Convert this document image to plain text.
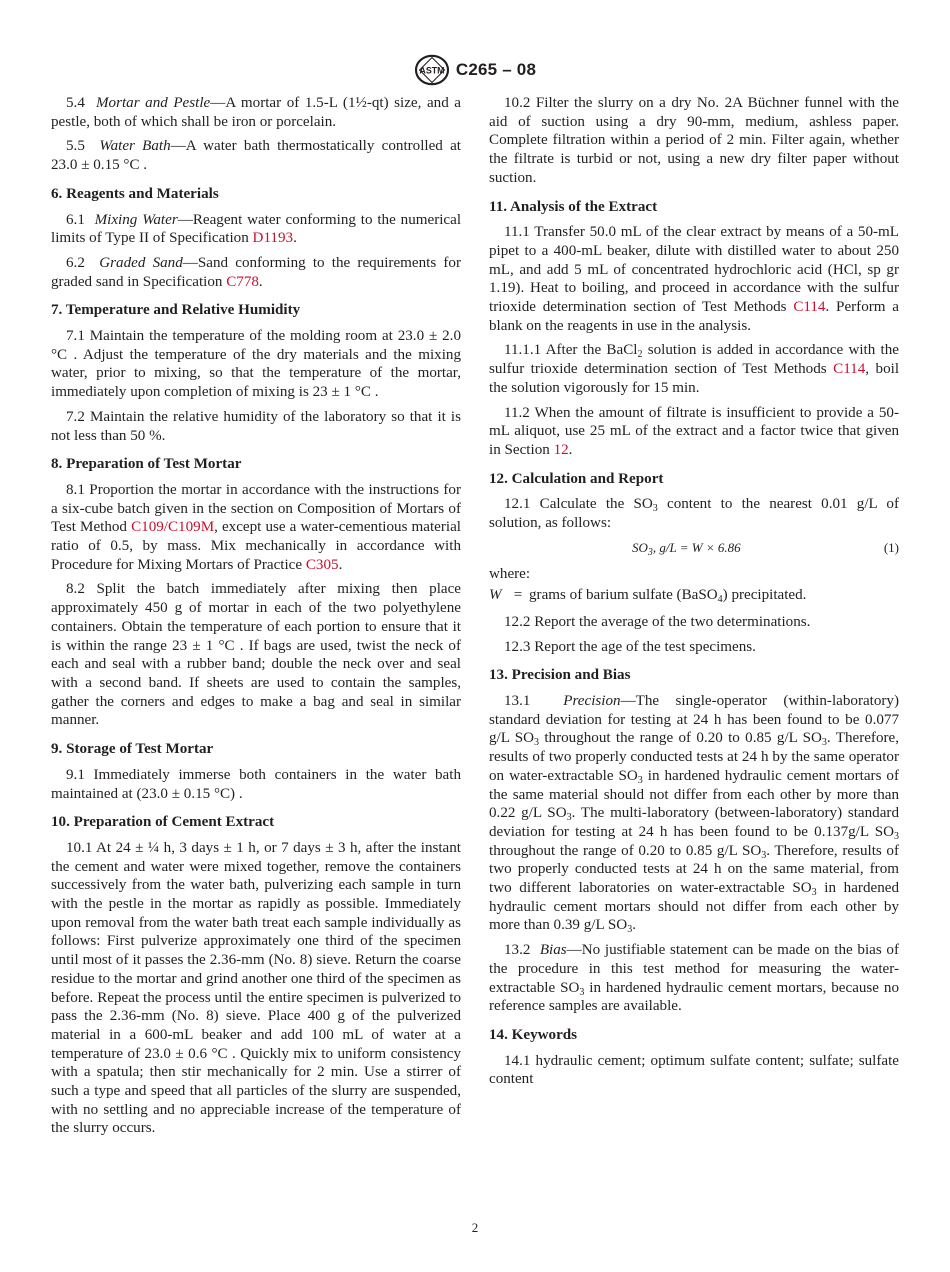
ASTM C265 – 08

5.4 Mortar and Pestle—A mortar of 1.5-L (1½-qt) size, and a pestle, both of which shall be iron or porcelain.

5.5 Water Bath—A water bath thermostatically controlled at 23.0 ± 0.15 °C .

6. Reagents and Materials

6.1 Mixing Water—Reagent water conforming to the numerical limits of Type II of Specification D1193.

6.2 Graded Sand—Sand conforming to the requirements for graded sand in Specification C778.

7. Temperature and Relative Humidity

7.1 Maintain the temperature of the molding room at 23.0 ± 2.0 °C . Adjust the temperature of the dry materials and the mixing water, prior to mixing, so that the temperature of the mortar, immediately upon completion of mixing is 23 ± 1 °C .

7.2 Maintain the relative humidity of the laboratory so that it is not less than 50 %.

8. Preparation of Test Mortar

8.1 Proportion the mortar in accordance with the instructions for a six-cube batch given in the section on Composition of Mortars of Test Method C109/C109M, except use a water-cementious material ratio of 0.5, by mass. Mix mechanically in accordance with Procedure for Mixing Mortars of Practice C305.

8.2 Split the batch immediately after mixing then place approximately 450 g of mortar in each of the two polyethylene containers. Obtain the temperature of each portion to ensure that it is within the range 23 ± 1 °C . If bags are used, twist the neck of each and seal with a rubber band; double the neck over and seal with a second band. If sheets are used to contain the samples, gather the corners and edges to make a bag and seal in similar manner.

9. Storage of Test Mortar

9.1 Immediately immerse both containers in the water bath maintained at (23.0 ± 0.15 °C) .

10. Preparation of Cement Extract

10.1 At 24 ± ¼ h, 3 days ± 1 h, or 7 days ± 3 h, after the instant the cement and water were mixed together, remove the containers successively from the water bath, pulverizing each sample in turn with the pestle in the mortar as rapidly as possible. Immediately upon removal from the water bath treat each sample individually as follows: First pulverize approximately one third of the specimen until most of it passes the 2.36-mm (No. 8) sieve. Return the coarse residue to the mortar and grind another one third of the specimen as before. Repeat the process until the entire specimen is pulverized to pass the 2.36-mm (No. 8) sieve. Place 400 g of the pulverized material in a 600-mL beaker and add 100 mL of water at a temperature of 23.0 ± 0.6 °C . Quickly mix to uniform consistency with a spatula; then stir mechanically for 2 min. Use a stirrer of such a type and speed that all particles of the slurry are suspended, with no settling and no appreciable increase of the temperature of the slurry occurs.

10.2 Filter the slurry on a dry No. 2A Büchner funnel with the aid of suction using a dry 90-mm, medium, ashless paper. Complete filtration within a period of 2 min. Filter again, whether the filtrate is turbid or not, using a new dry filter paper without suction.

11. Analysis of the Extract

11.1 Transfer 50.0 mL of the clear extract by means of a 50-mL pipet to a 400-mL beaker, dilute with distilled water to about 250 mL, and add 5 mL of concentrated hydrochloric acid (HCl, sp gr 1.19). Heat to boiling, and proceed in accordance with the sulfur trioxide determination section of Test Methods C114. Perform a blank on the reagents in use in the analysis.

11.1.1 After the BaCl$_2$ solution is added in accordance with the sulfur trioxide determination section of Test Methods C114, boil the solution vigorously for 15 min.

11.2 When the amount of filtrate is insufficient to provide a 50-mL aliquot, use 25 mL of the extract and a factor twice that given in Section 12.

12. Calculation and Report

12.1 Calculate the $SO_3$ content to the nearest 0.01 g/L of solution, as follows:

$SO_3$, g/L = W × 6.86	(1)
where:
W = grams of barium sulfate (BaSO$_4$) precipitated.

12.2 Report the average of the two determinations.

12.3 Report the age of the test specimens.

13. Precision and Bias

13.1 Precision—The single-operator (within-laboratory) standard deviation for testing at 24 h has been found to be 0.077 g/L $SO_3$ throughout the range of 0.20 to 0.85 g/L $SO_3$. Therefore, results of two properly conducted tests at 24 h by the same operator on water-extractable $SO_3$ in hardened hydraulic cement mortars of the same material should not differ from each other by more than 0.22 g/L $SO_3$. The multi-laboratory (between-laboratory) standard deviation for testing at 24 h has been found to be 0.137g/L $SO_3$ throughout the range of 0.20 to 0.85 g/L $SO_3$. Therefore, results of two properly conducted tests at 24 h on the same material, from two different laboratories on water-extractable $SO_3$ in hardened hydraulic cement mortars should not differ from each other by more than 0.39 g/L $SO_3$.

13.2 Bias—No justifiable statement can be made on the bias of the procedure in this test method for measuring the water-extractable $SO_3$ in hardened hydraulic cement mortars, because no reference samples are available.

14. Keywords

14.1 hydraulic cement; optimum sulfate content; sulfate; sulfate content

2
